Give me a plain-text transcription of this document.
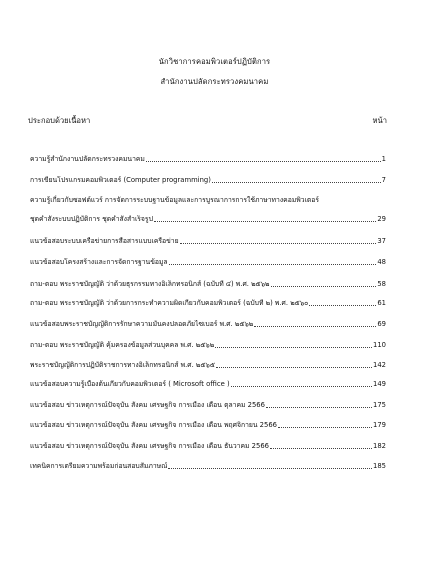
นักวิชาการคอมพิวเตอร์ปฏิบัติการ
สำนักงานปลัดกระทรวงคมนาคม
ประกอบด้วยเนื้อหา	หน้า
ความรู้สำนักงานปลัดกระทรวงคมนาคม	1
การเขียนโปรแกรมคอมพิวเตอร์ (Computer programming)	7
ความรู้เกี่ยวกับซอฟต์แวร์ การจัดการระบบฐานข้อมูลและการบูรณาการการใช้ภาษาทางคอมพิวเตอร์
ชุดคำสั่งระบบปฏิบัติการ ชุดคำสั่งสำเร็จรูป	29
แนวข้อสอบระบบเครือข่ายการสื่อสารแบบเครือข่าย	37
แนวข้อสอบโครงสร้างและการจัดการฐานข้อมูล	48
ถาม-ตอบ พระราชบัญญัติ ว่าด้วยธุรกรรมทางอิเล็กทรอนิกส์ (ฉบับที่ ๔) พ.ศ. ๒๕๖๒	58
ถาม-ตอบ พระราชบัญญัติ ว่าด้วยการกระทำความผิดเกี่ยวกับคอมพิวเตอร์ (ฉบับที่ ๒) พ.ศ. ๒๕๖๐	61
แนวข้อสอบพระราชบัญญัติการรักษาความมั่นคงปลอดภัยไซเบอร์ พ.ศ. ๒๕๖๒	69
ถาม-ตอบ พระราชบัญญัติ คุ้มครองข้อมูลส่วนบุคคล พ.ศ. ๒๕๖๒	110
พระราชบัญญัติการปฏิบัติราชการทางอิเล็กทรอนิกส์ พ.ศ. ๒๕๖๕	142
แนวข้อสอบความรู้เบื้องต้นเกี่ยวกับคอมพิวเตอร์ ( Microsoft office )	149
แนวข้อสอบ ข่าวเหตุการณ์ปัจจุบัน สังคม เศรษฐกิจ การเมือง เดือน ตุลาคม 2566	175
แนวข้อสอบ ข่าวเหตุการณ์ปัจจุบัน สังคม เศรษฐกิจ การเมือง เดือน พฤศจิกายน 2566	179
แนวข้อสอบ ข่าวเหตุการณ์ปัจจุบัน สังคม เศรษฐกิจ การเมือง เดือน ธันวาคม 2566	182
เทคนิคการเตรียมความพร้อมก่อนสอบสัมภาษณ์	185
